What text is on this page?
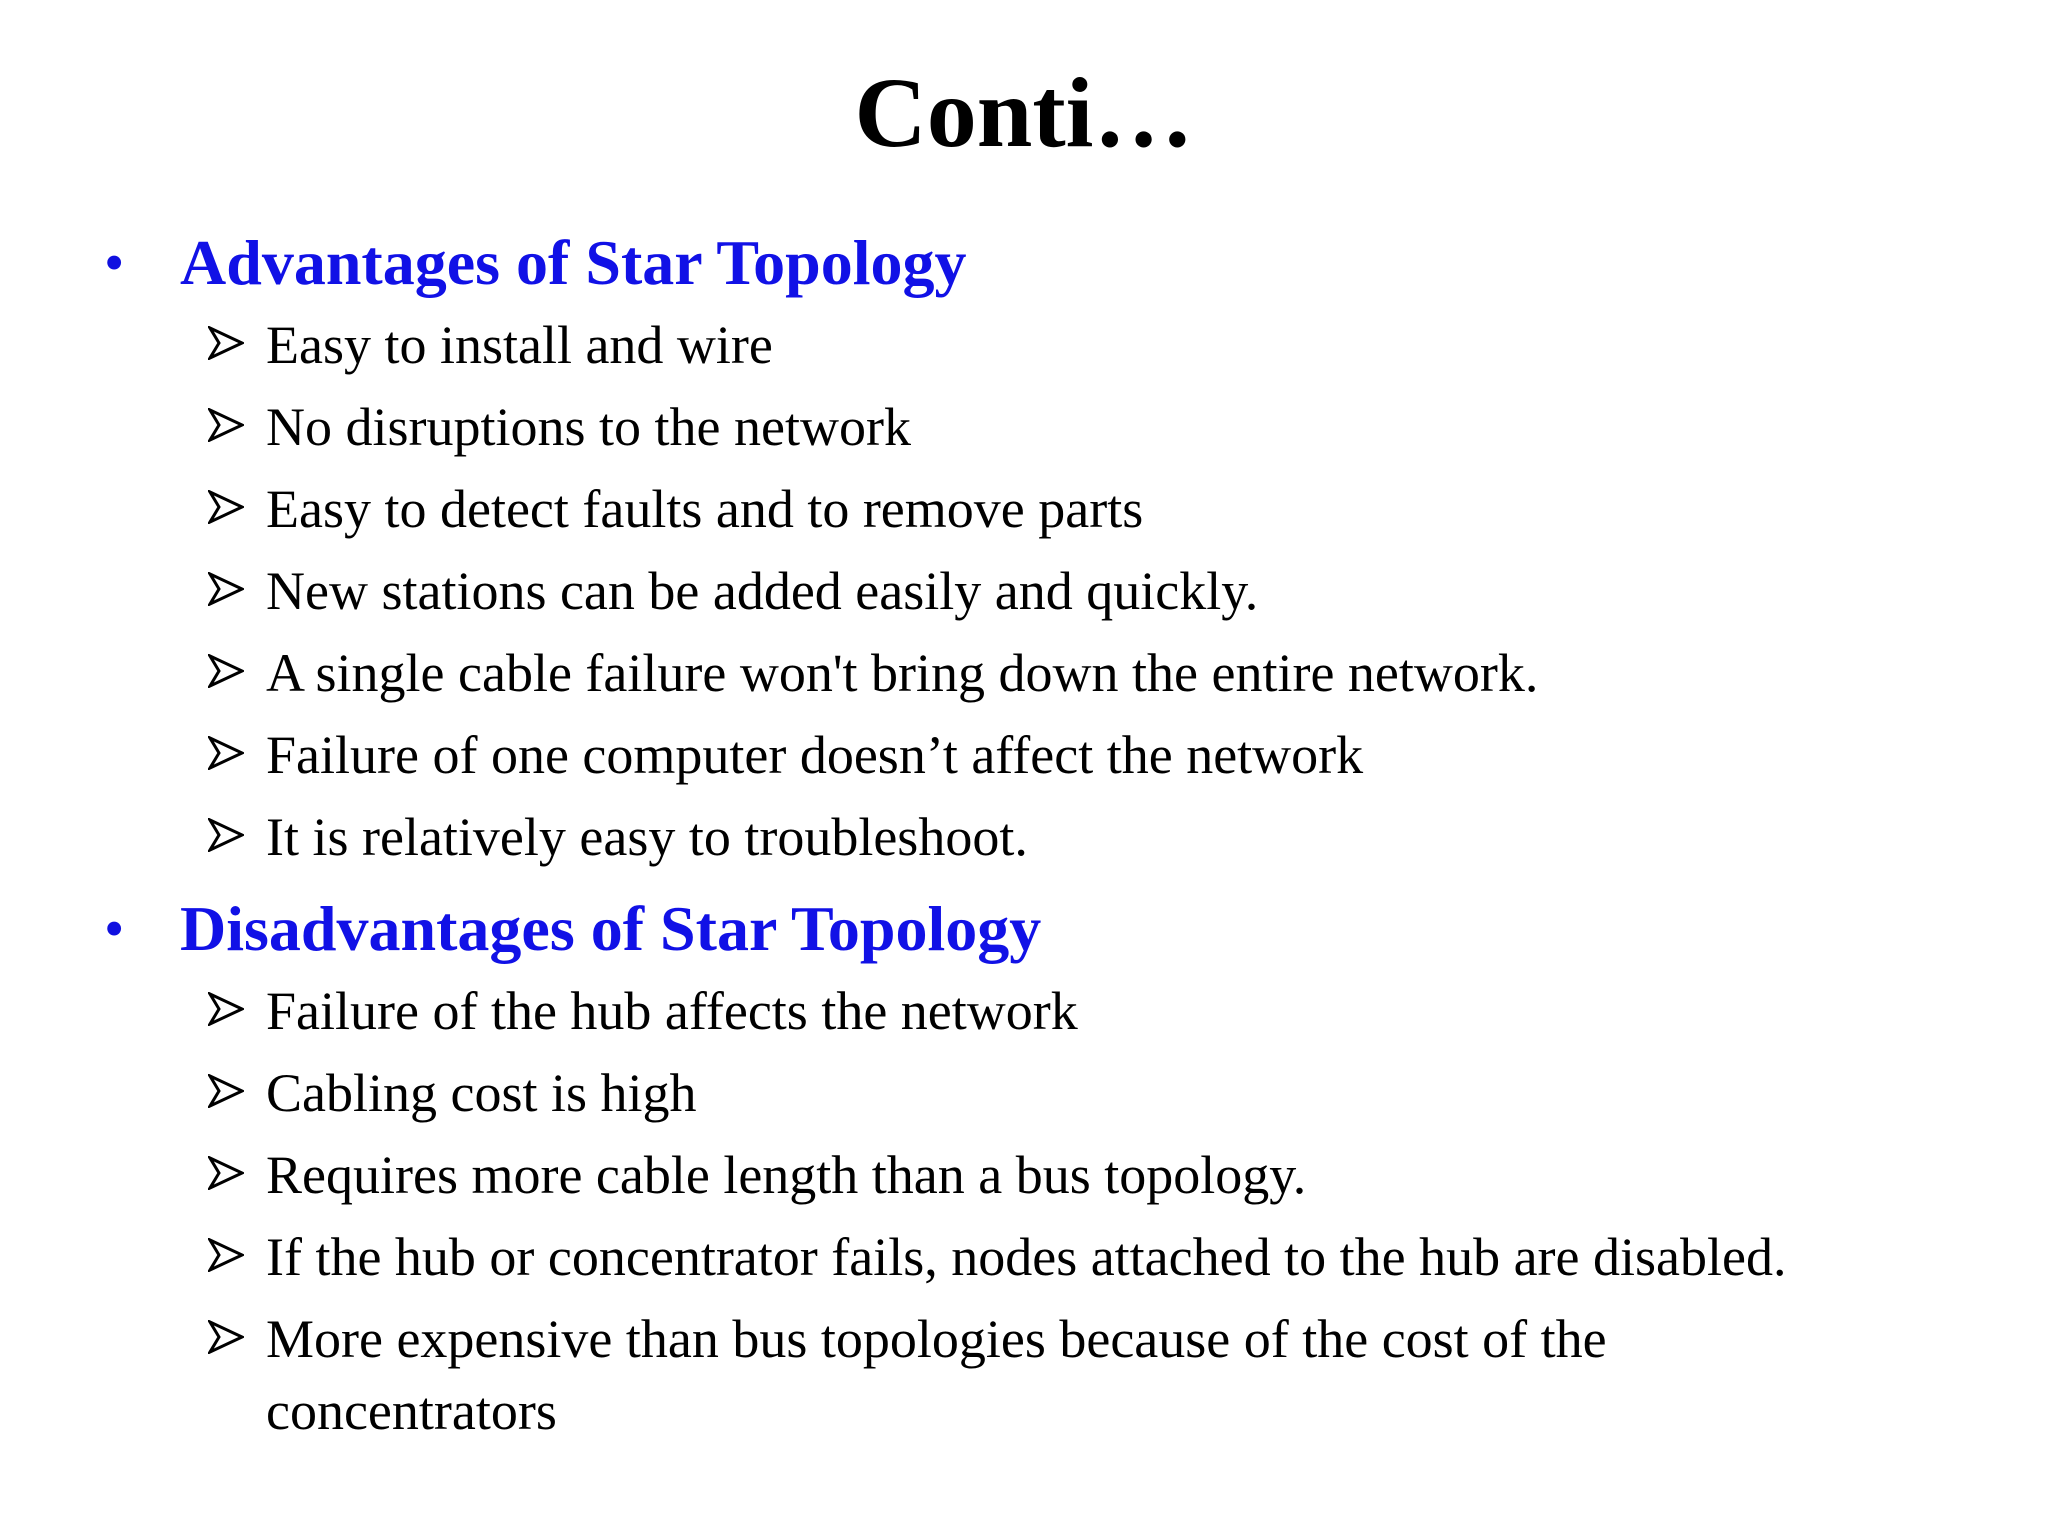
Conti…
• Advantages of Star Topology
Easy to install and wire
No disruptions to the network
Easy to detect faults and to remove parts
New stations can be added easily and quickly.
A single cable failure won't bring down the entire network.
Failure of one computer doesn’t affect the network
It is relatively easy to troubleshoot.
• Disadvantages of Star Topology
Failure of the hub affects the network
Cabling cost is high
Requires more cable length than a bus topology.
If the hub or concentrator fails, nodes attached to the hub are disabled.
More expensive than bus topologies because of the cost of the concentrators
